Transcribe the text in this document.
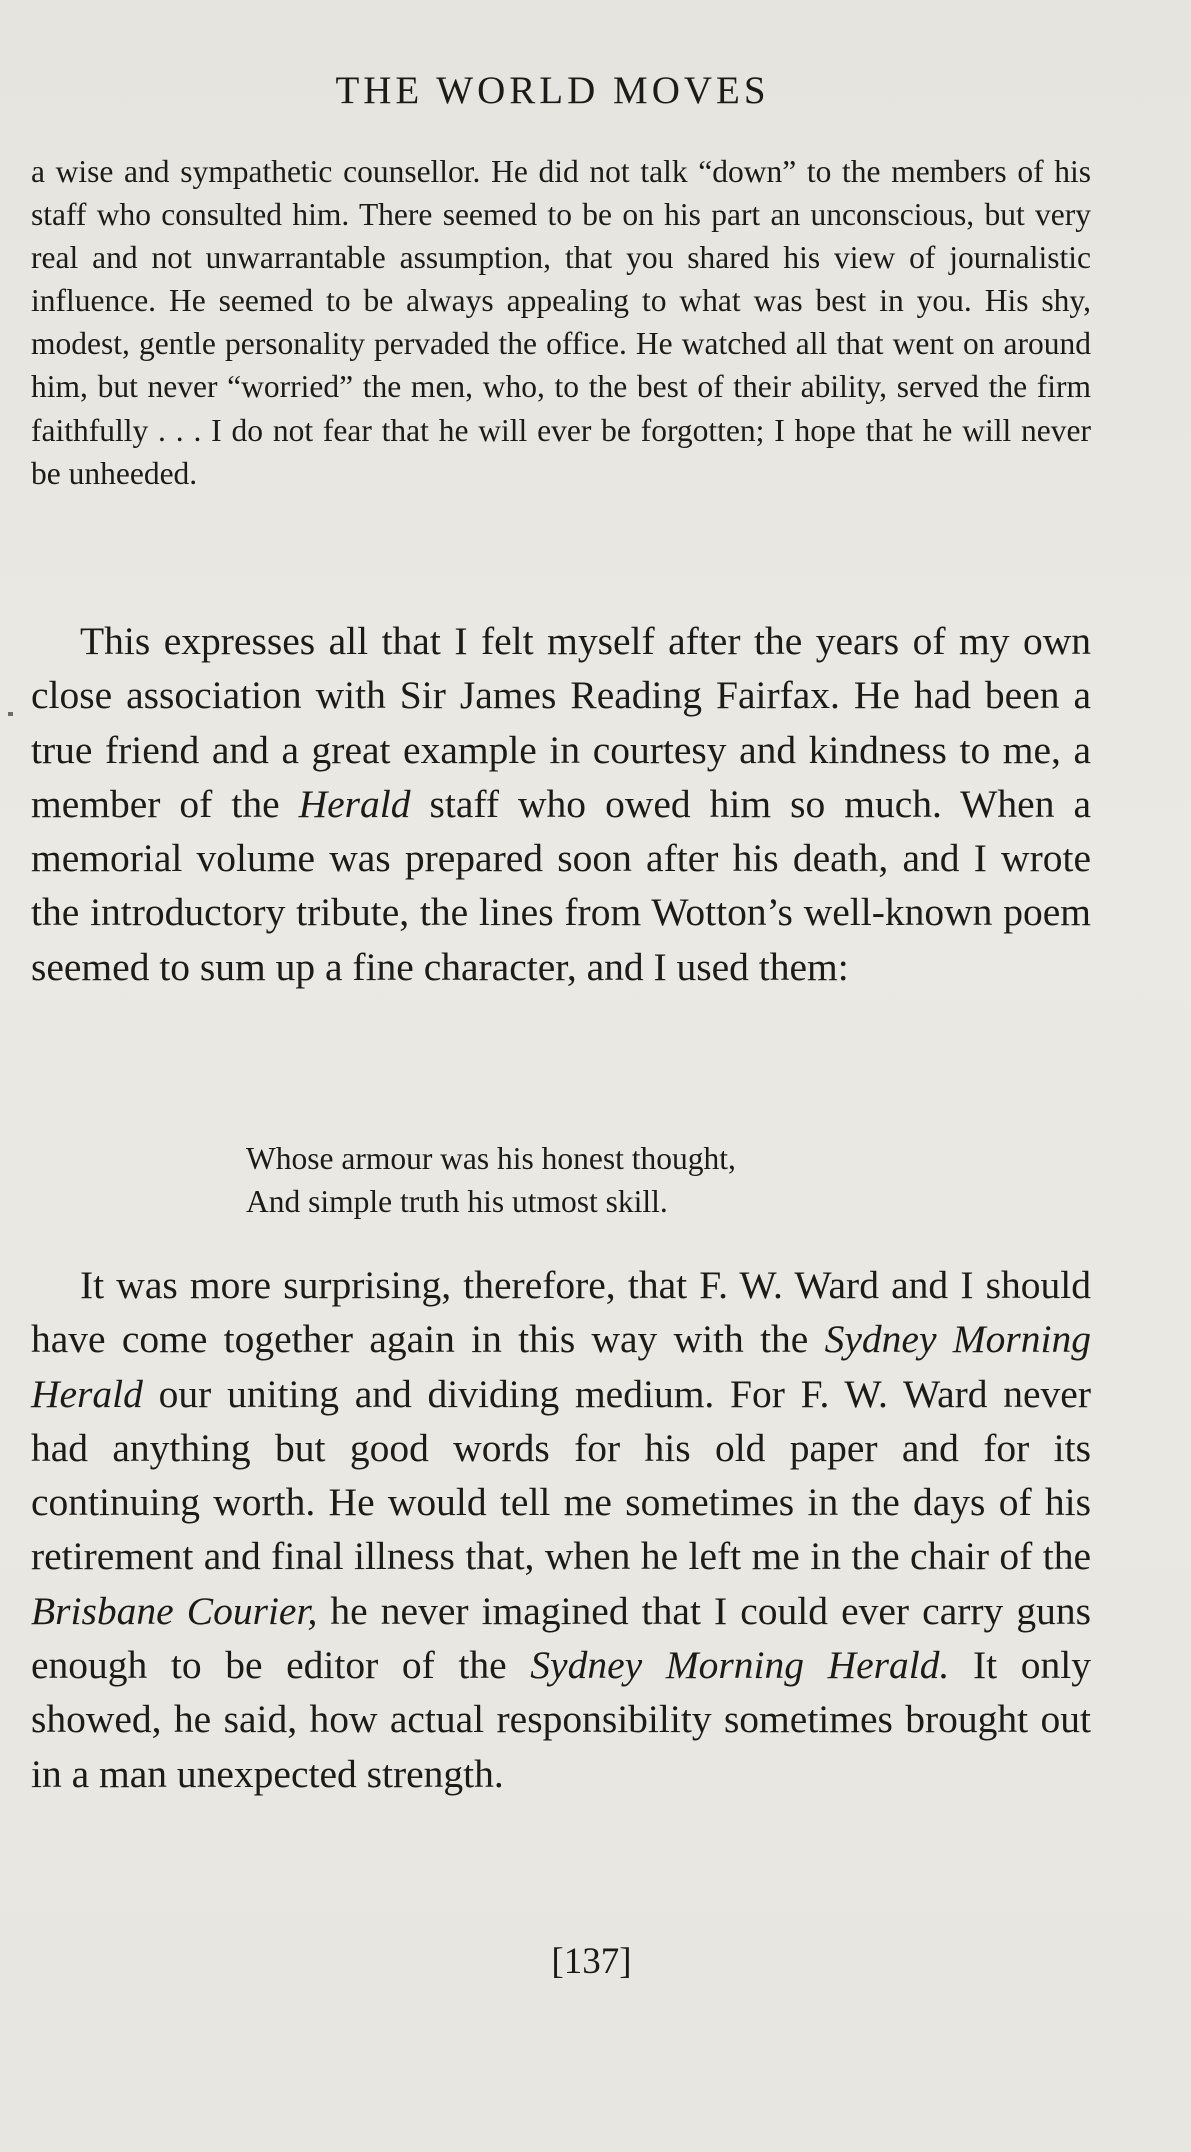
THE WORLD MOVES
a wise and sympathetic counsellor. He did not talk “down” to the members of his staff who consulted him. There seemed to be on his part an unconscious, but very real and not unwarrantable assumption, that you shared his view of journalistic influence. He seemed to be always appealing to what was best in you. His shy, modest, gentle personality pervaded the office. He watched all that went on around him, but never “worried” the men, who, to the best of their ability, served the firm faithfully . . . I do not fear that he will ever be forgotten; I hope that he will never be unheeded.

This expresses all that I felt myself after the years of my own close association with Sir James Reading Fairfax. He had been a true friend and a great example in courtesy and kindness to me, a member of the Herald staff who owed him so much. When a memorial volume was prepared soon after his death, and I wrote the introductory tribute, the lines from Wotton’s well-known poem seemed to sum up a fine character, and I used them:

Whose armour was his honest thought,
And simple truth his utmost skill.

It was more surprising, therefore, that F. W. Ward and I should have come together again in this way with the Sydney Morning Herald our uniting and dividing medium. For F. W. Ward never had anything but good words for his old paper and for its continuing worth. He would tell me sometimes in the days of his retirement and final illness that, when he left me in the chair of the Brisbane Courier, he never imagined that I could ever carry guns enough to be editor of the Sydney Morning Herald. It only showed, he said, how actual responsibility sometimes brought out in a man unexpected strength.

[137]
